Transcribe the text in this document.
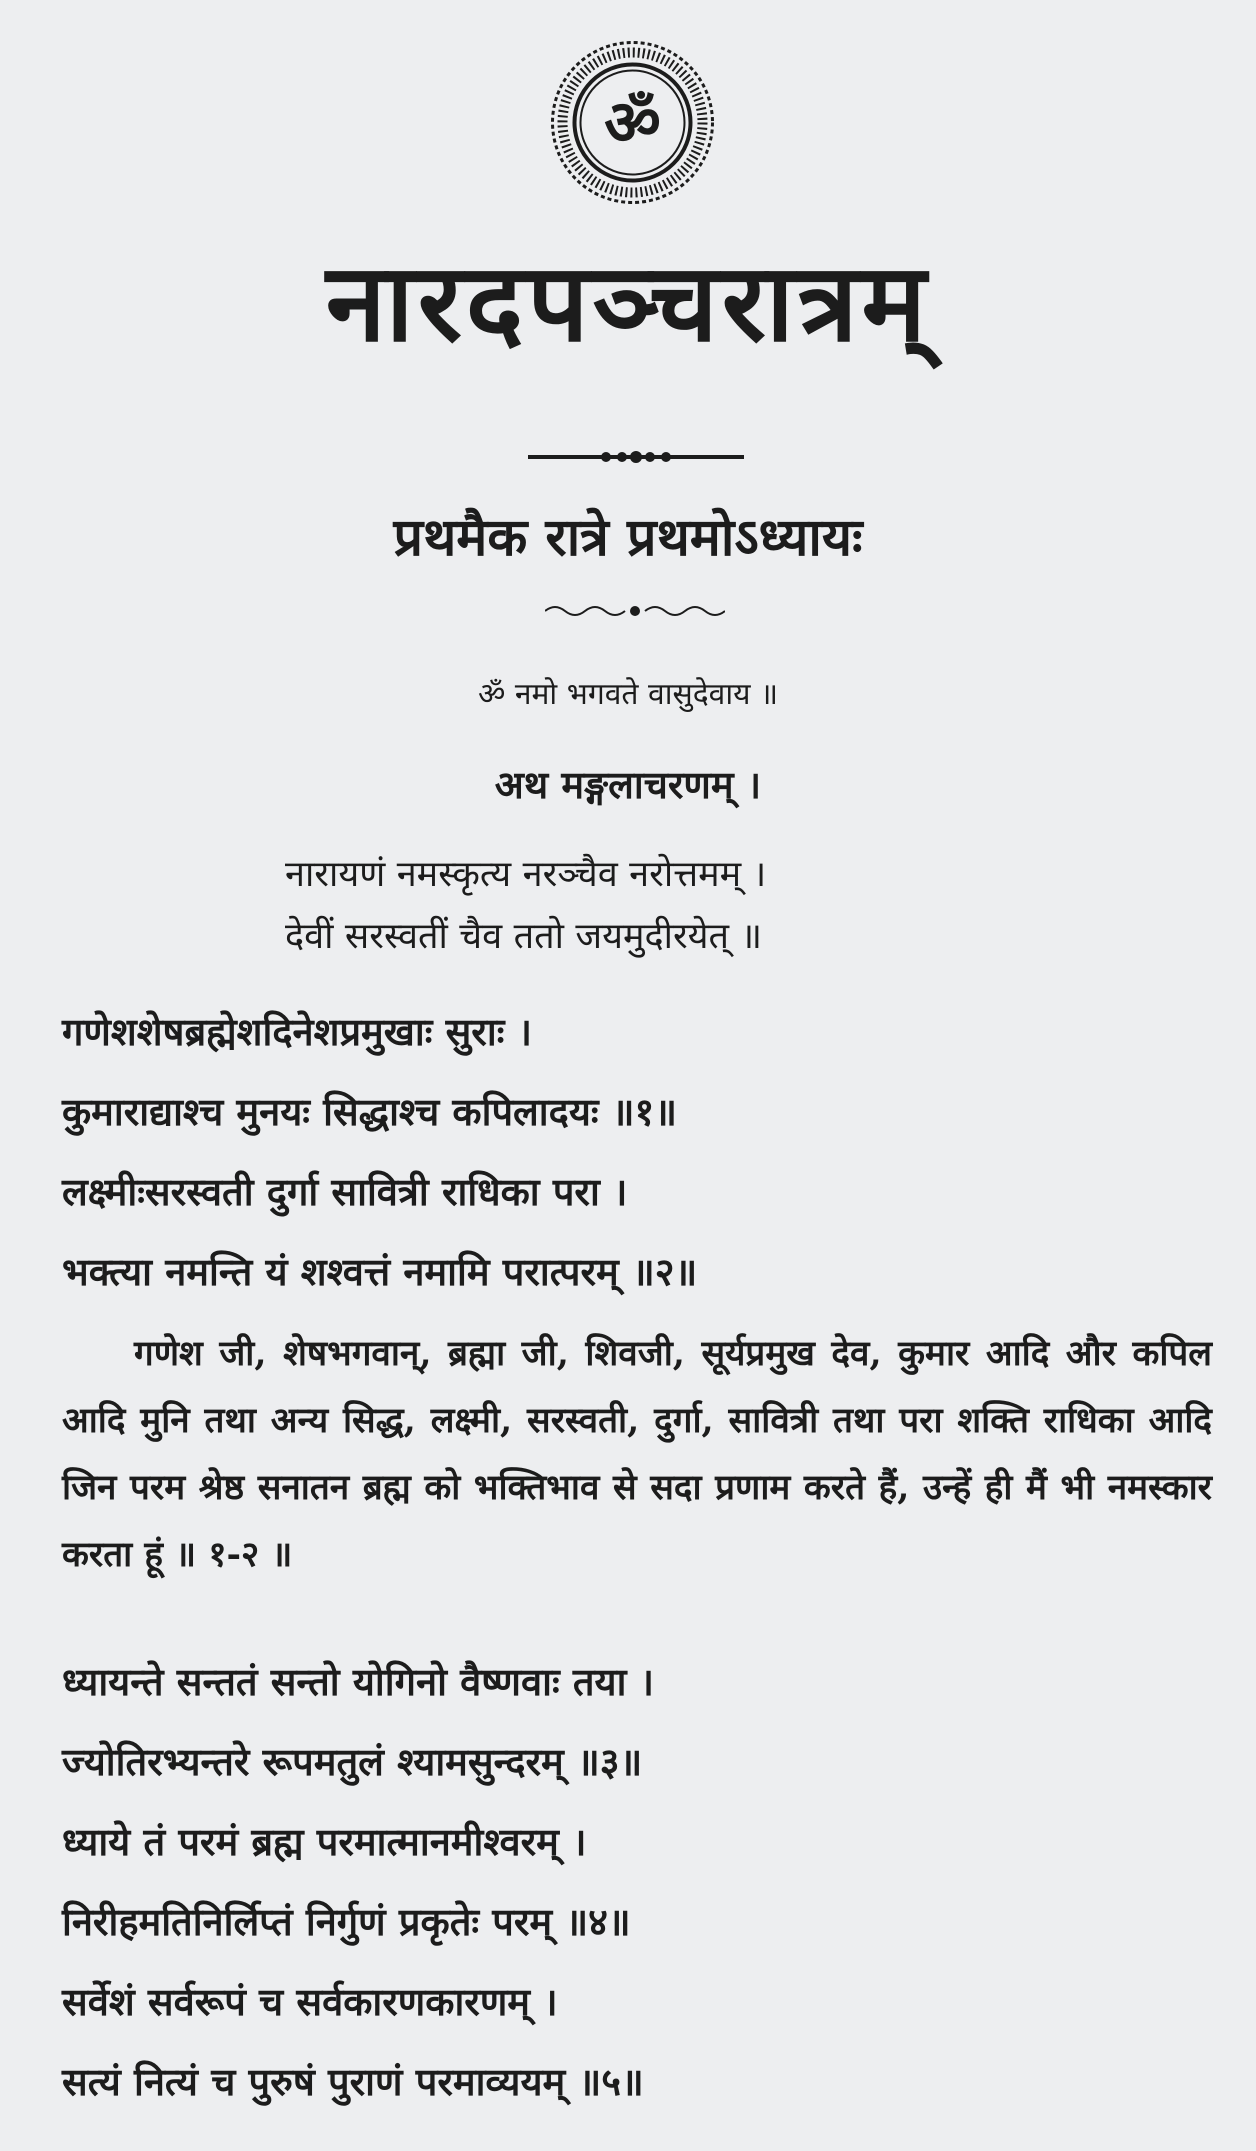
ॐ
नारदपञ्चरात्रम्
प्रथमैक रात्रे प्रथमोऽध्यायः

ॐ नमो भगवते वासुदेवाय ॥

अथ मङ्गलाचरणम् ।

नारायणं नमस्कृत्य नरञ्चैव नरोत्तमम् ।

देवीं सरस्वतीं चैव ततो जयमुदीरयेत् ॥

गणेशशेषब्रह्मेशदिनेशप्रमुखाः सुराः ।

कुमाराद्याश्च मुनयः सिद्धाश्च कपिलादयः ॥१॥

लक्ष्मीःसरस्वती दुर्गा सावित्री राधिका परा ।

भक्त्या नमन्ति यं शश्वत्तं नमामि परात्परम् ॥२॥

गणेश जी, शेषभगवान्, ब्रह्मा जी, शिवजी, सूर्यप्रमुख देव, कुमार आदि और कपिल आदि मुनि तथा अन्य सिद्ध, लक्ष्मी, सरस्वती, दुर्गा, सावित्री तथा परा शक्ति राधिका आदि जिन परम श्रेष्ठ सनातन ब्रह्म को भक्तिभाव से सदा प्रणाम करते हैं, उन्हें ही मैं भी नमस्कार करता हूं ॥ १-२ ॥

ध्यायन्ते सन्ततं सन्तो योगिनो वैष्णवाः तया ।

ज्योतिरभ्यन्तरे रूपमतुलं श्यामसुन्दरम् ॥३॥

ध्याये तं परमं ब्रह्म परमात्मानमीश्वरम् ।

निरीहमतिनिर्लिप्तं निर्गुणं प्रकृतेः परम् ॥४॥

सर्वेशं सर्वरूपं च सर्वकारणकारणम् ।

सत्यं नित्यं च पुरुषं पुराणं परमाव्ययम् ॥५॥
